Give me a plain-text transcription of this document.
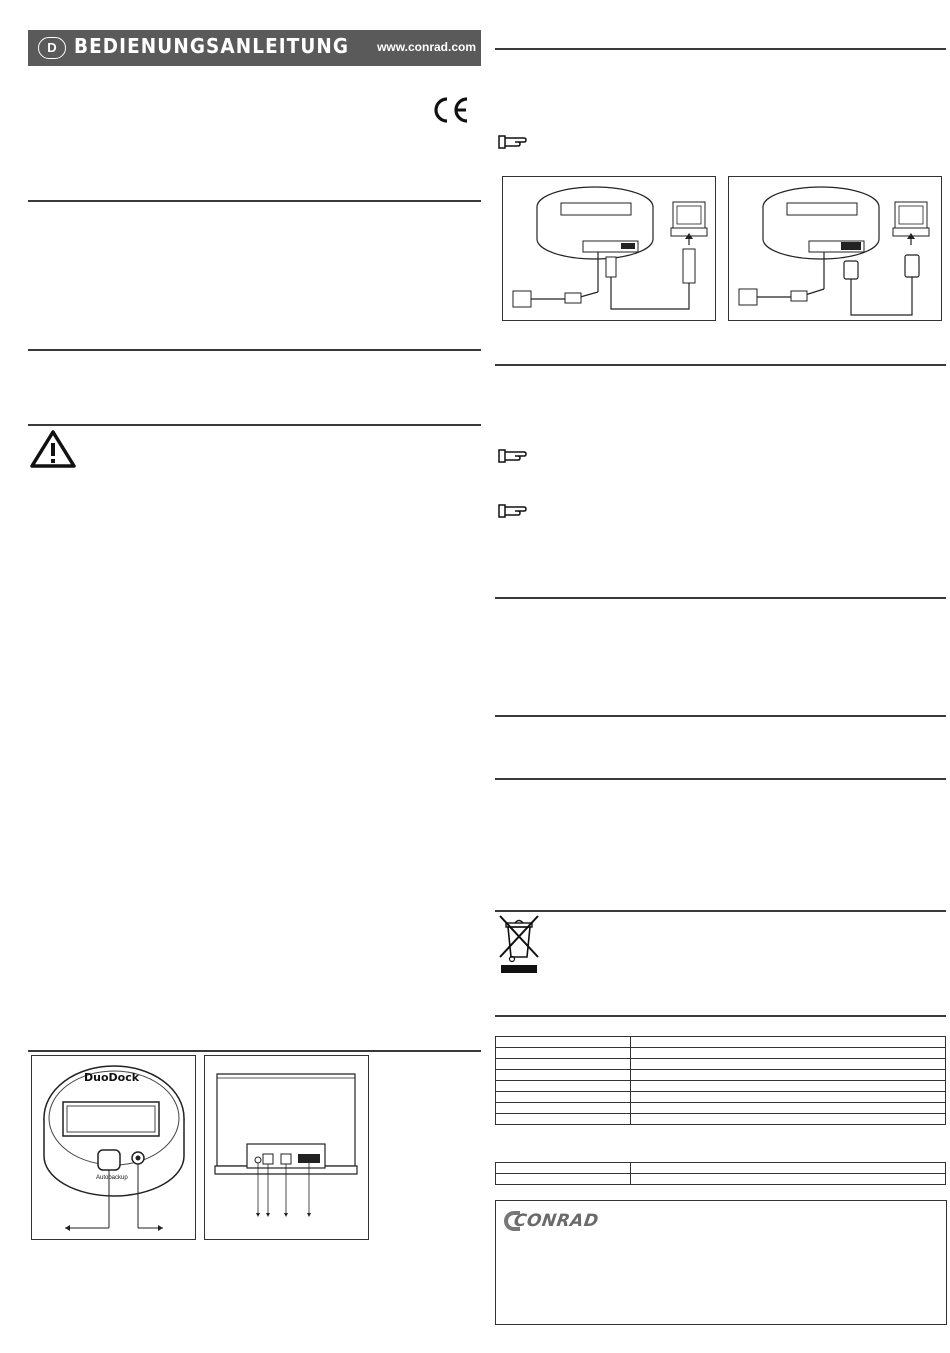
D BEDIENUNGSANLEITUNG www.conrad.com
DuoDock
Autobackup

CONRAD
